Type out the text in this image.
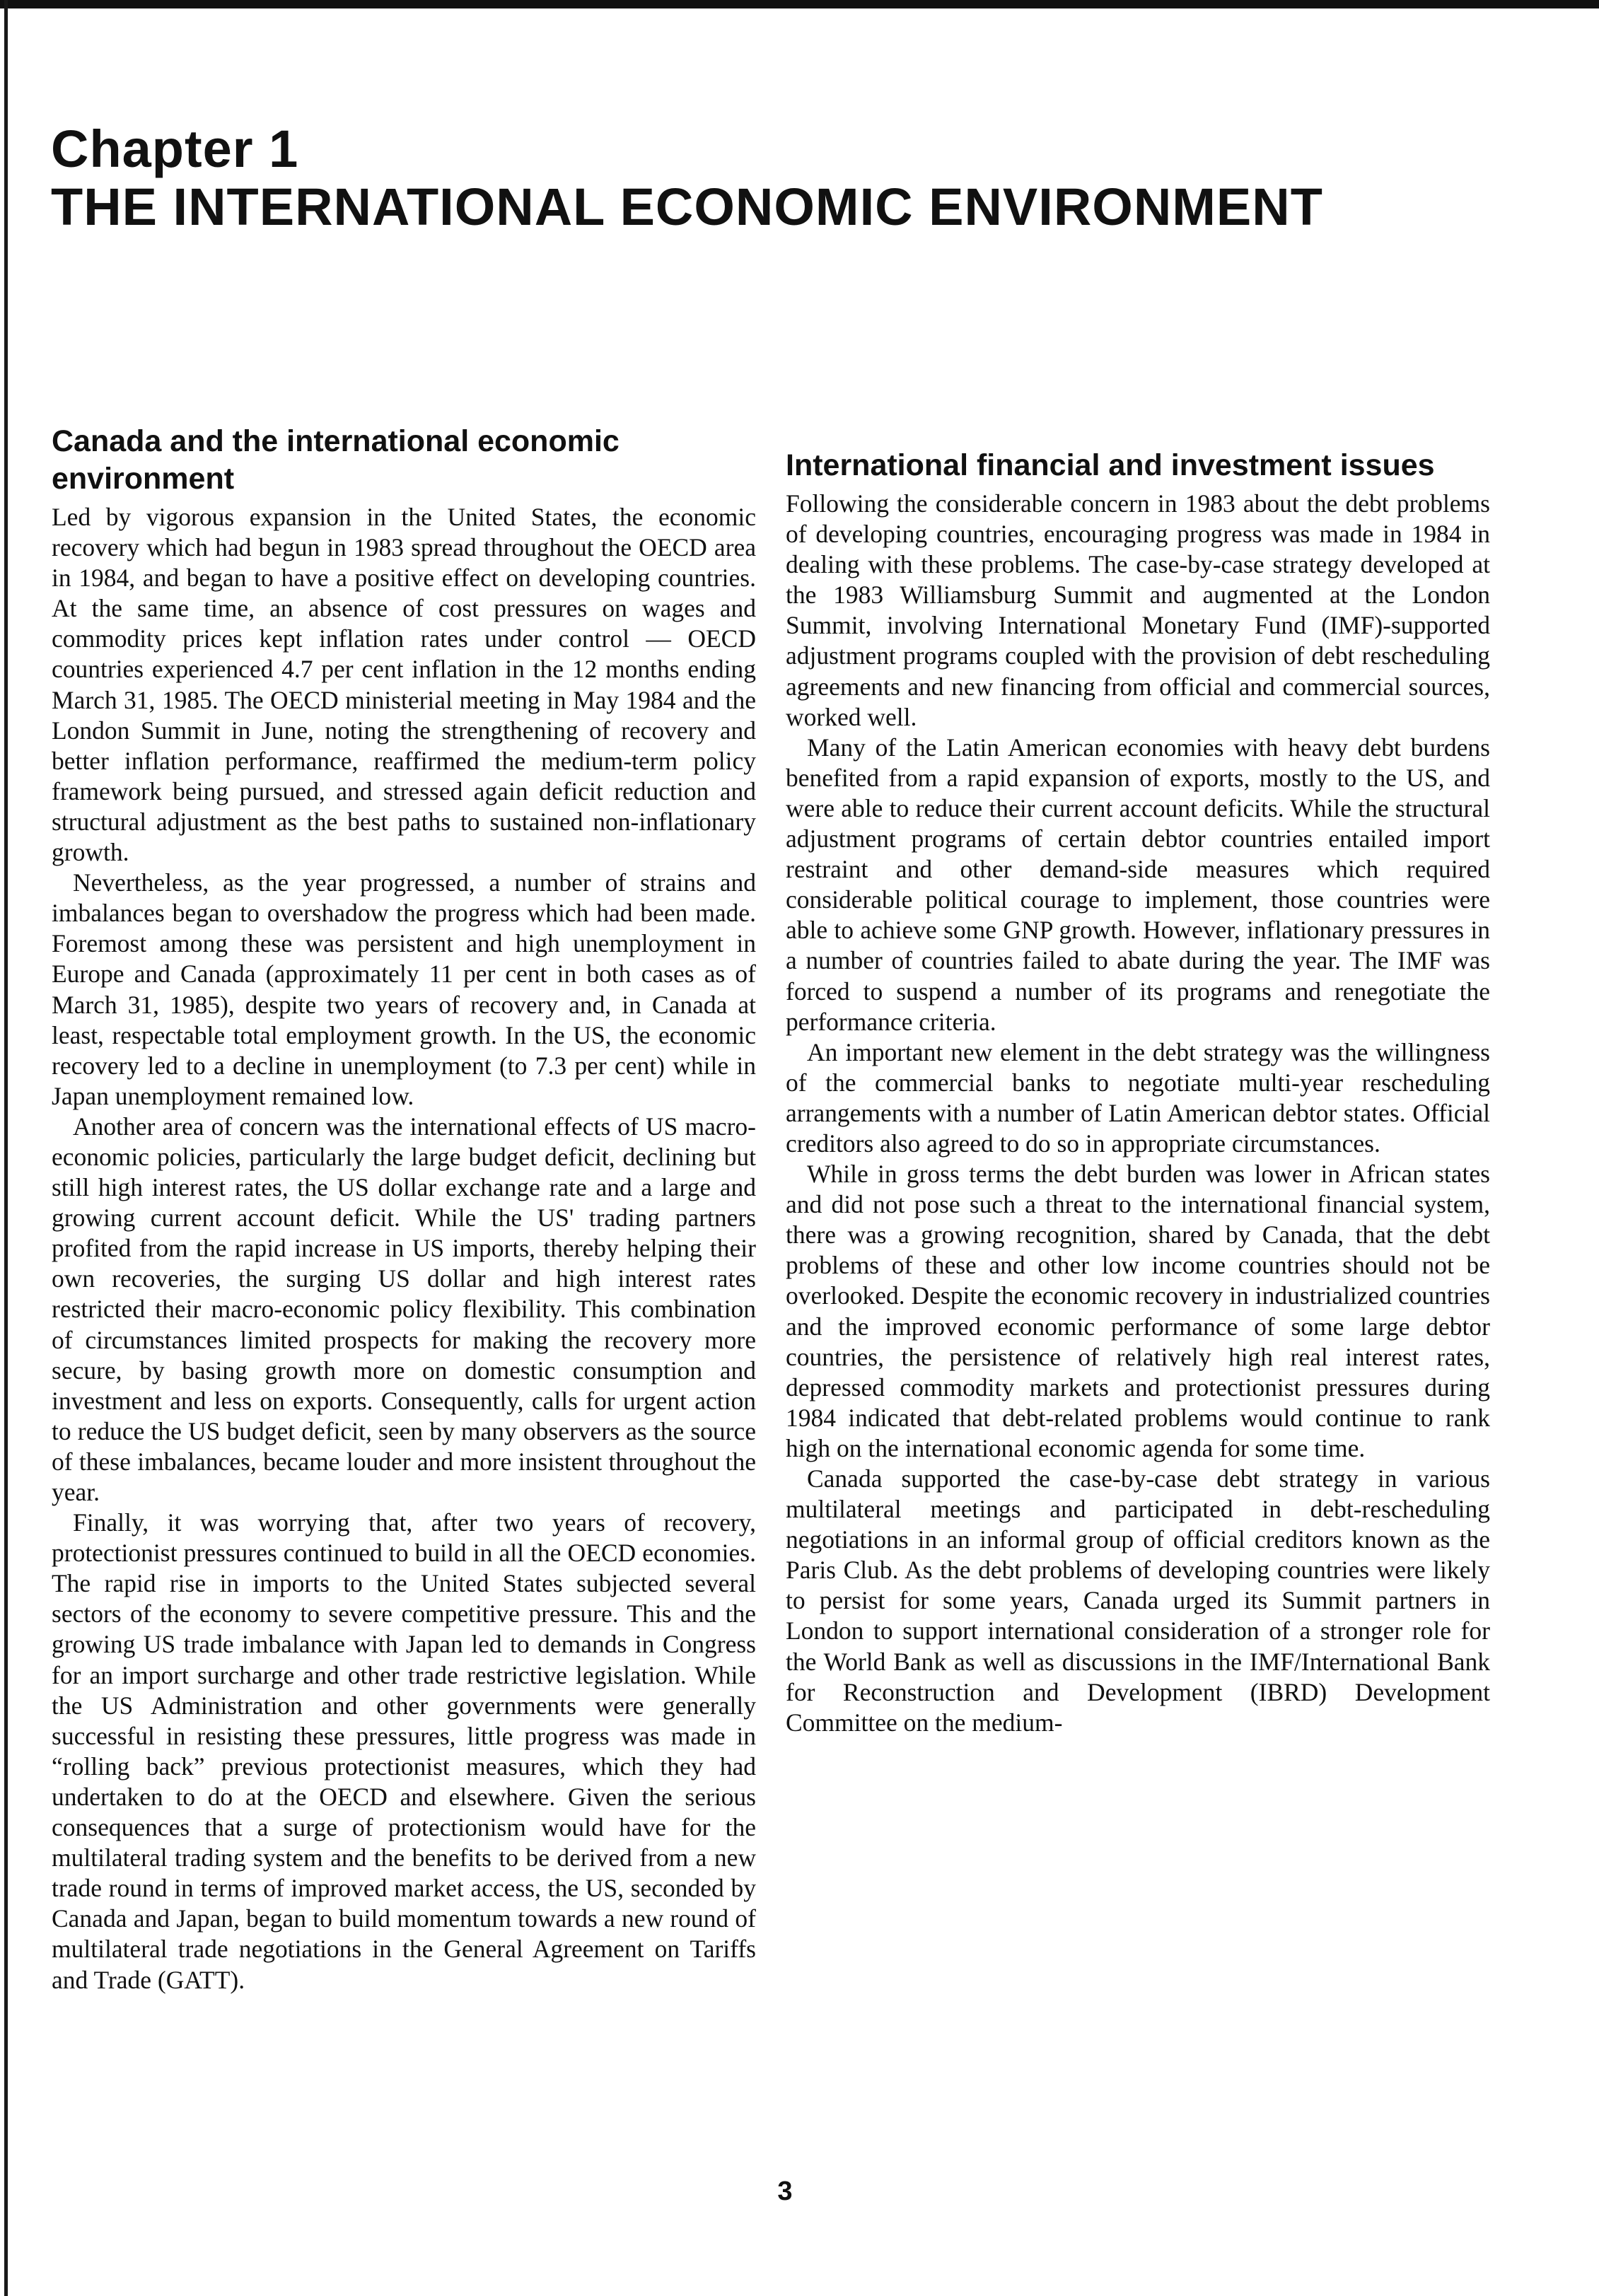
Chapter 1
THE INTERNATIONAL ECONOMIC ENVIRONMENT
Canada and the international economic environment

Led by vigorous expansion in the United States, the economic recovery which had begun in 1983 spread throughout the OECD area in 1984, and began to have a positive effect on developing countries. At the same time, an absence of cost pressures on wages and commodity prices kept inflation rates under control — OECD countries experienced 4.7 per cent inflation in the 12 months ending March 31, 1985. The OECD ministerial meeting in May 1984 and the London Summit in June, noting the strengthening of recovery and better inflation performance, reaffirmed the medium-term policy framework being pursued, and stressed again deficit reduction and structural adjustment as the best paths to sustained non-inflationary growth.

Nevertheless, as the year progressed, a number of strains and imbalances began to overshadow the progress which had been made. Foremost among these was persistent and high unemployment in Europe and Canada (approximately 11 per cent in both cases as of March 31, 1985), despite two years of recovery and, in Canada at least, respectable total employment growth. In the US, the economic recovery led to a decline in unemployment (to 7.3 per cent) while in Japan unemployment remained low.

Another area of concern was the international effects of US macro-economic policies, particularly the large budget deficit, declining but still high interest rates, the US dollar exchange rate and a large and growing current account deficit. While the US' trading partners profited from the rapid increase in US imports, thereby helping their own recoveries, the surging US dollar and high interest rates restricted their macro-economic policy flexibility. This combination of circumstances limited prospects for making the recovery more secure, by basing growth more on domestic consumption and investment and less on exports. Consequently, calls for urgent action to reduce the US budget deficit, seen by many observers as the source of these imbalances, became louder and more insistent throughout the year.

Finally, it was worrying that, after two years of recovery, protectionist pressures continued to build in all the OECD economies. The rapid rise in imports to the United States subjected several sectors of the economy to severe competitive pressure. This and the growing US trade imbalance with Japan led to demands in Congress for an import surcharge and other trade restrictive legislation. While the US Administration and other governments were generally successful in resisting these pressures, little progress was made in “rolling back” previous protectionist measures, which they had undertaken to do at the OECD and elsewhere. Given the serious consequences that a surge of protectionism would have for the multilateral trading system and the benefits to be derived from a new trade round in terms of improved market access, the US, seconded by Canada and Japan, began to build momentum towards a new round of multilateral trade negotiations in the General Agreement on Tariffs and Trade (GATT).

International financial and investment issues

Following the considerable concern in 1983 about the debt problems of developing countries, encouraging progress was made in 1984 in dealing with these problems. The case-by-case strategy developed at the 1983 Williamsburg Summit and augmented at the London Summit, involving International Monetary Fund (IMF)-supported adjustment programs coupled with the provision of debt rescheduling agreements and new financing from official and commercial sources, worked well.

Many of the Latin American economies with heavy debt burdens benefited from a rapid expansion of exports, mostly to the US, and were able to reduce their current account deficits. While the structural adjustment programs of certain debtor countries entailed import restraint and other demand-side measures which required considerable political courage to implement, those countries were able to achieve some GNP growth. However, inflationary pressures in a number of countries failed to abate during the year. The IMF was forced to suspend a number of its programs and renegotiate the performance criteria.

An important new element in the debt strategy was the willingness of the commercial banks to negotiate multi-year rescheduling arrangements with a number of Latin American debtor states. Official creditors also agreed to do so in appropriate circumstances.

While in gross terms the debt burden was lower in African states and did not pose such a threat to the international financial system, there was a growing recognition, shared by Canada, that the debt problems of these and other low income countries should not be overlooked. Despite the economic recovery in industrialized countries and the improved economic performance of some large debtor countries, the persistence of relatively high real interest rates, depressed commodity markets and protectionist pressures during 1984 indicated that debt-related problems would continue to rank high on the international economic agenda for some time.

Canada supported the case-by-case debt strategy in various multilateral meetings and participated in debt-rescheduling negotiations in an informal group of official creditors known as the Paris Club. As the debt problems of developing countries were likely to persist for some years, Canada urged its Summit partners in London to support international consideration of a stronger role for the World Bank as well as discussions in the IMF/International Bank for Reconstruction and Development (IBRD) Development Committee on the medium-

3
